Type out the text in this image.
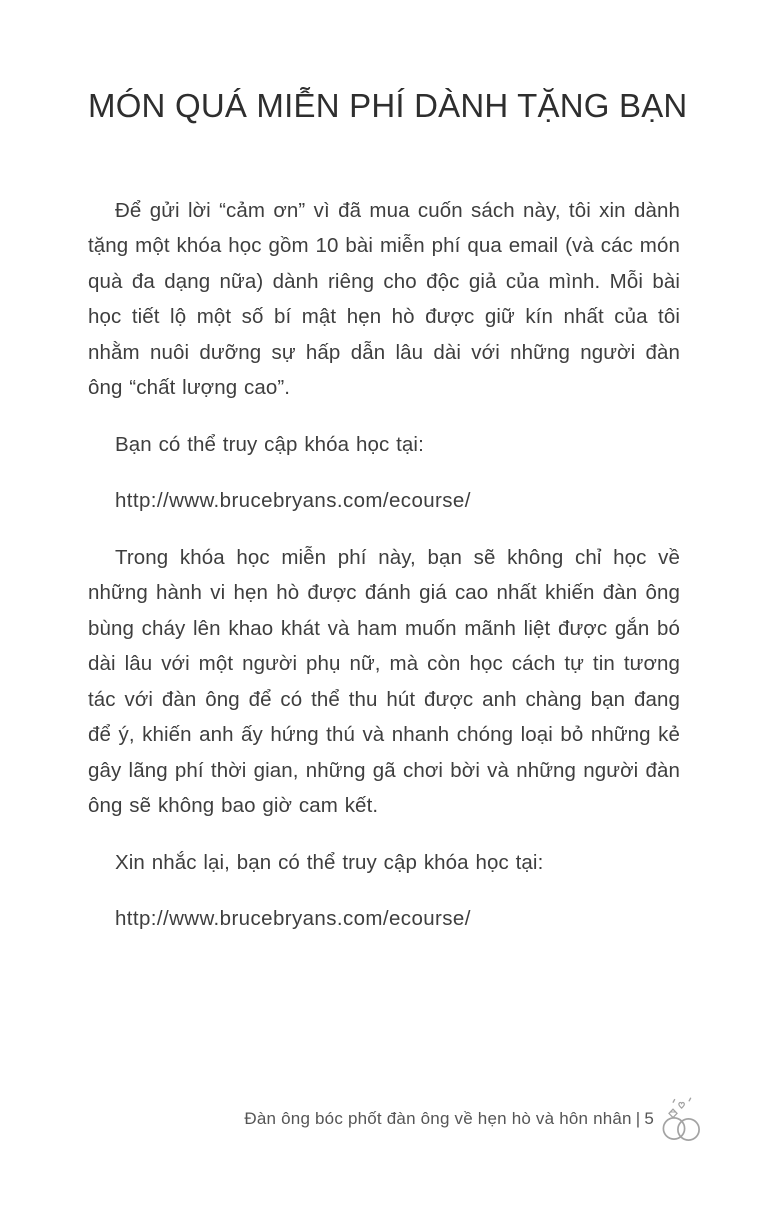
MÓN QUÁ MIỄN PHÍ DÀNH TẶNG BẠN

Để gửi lời “cảm ơn” vì đã mua cuốn sách này, tôi xin dành tặng một khóa học gồm 10 bài miễn phí qua email (và các món quà đa dạng nữa) dành riêng cho độc giả của mình. Mỗi bài học tiết lộ một số bí mật hẹn hò được giữ kín nhất của tôi nhằm nuôi dưỡng sự hấp dẫn lâu dài với những người đàn ông “chất lượng cao”.

Bạn có thể truy cập khóa học tại:

http://www.brucebryans.com/ecourse/

Trong khóa học miễn phí này, bạn sẽ không chỉ học về những hành vi hẹn hò được đánh giá cao nhất khiến đàn ông bùng cháy lên khao khát và ham muốn mãnh liệt được gắn bó dài lâu với một người phụ nữ, mà còn học cách tự tin tương tác với đàn ông để có thể thu hút được anh chàng bạn đang để ý, khiến anh ấy hứng thú và nhanh chóng loại bỏ những kẻ gây lãng phí thời gian, những gã chơi bời và những người đàn ông sẽ không bao giờ cam kết.

Xin nhắc lại, bạn có thể truy cập khóa học tại:

http://www.brucebryans.com/ecourse/

Đàn ông bóc phốt đàn ông về hẹn hò và hôn nhân | 5
